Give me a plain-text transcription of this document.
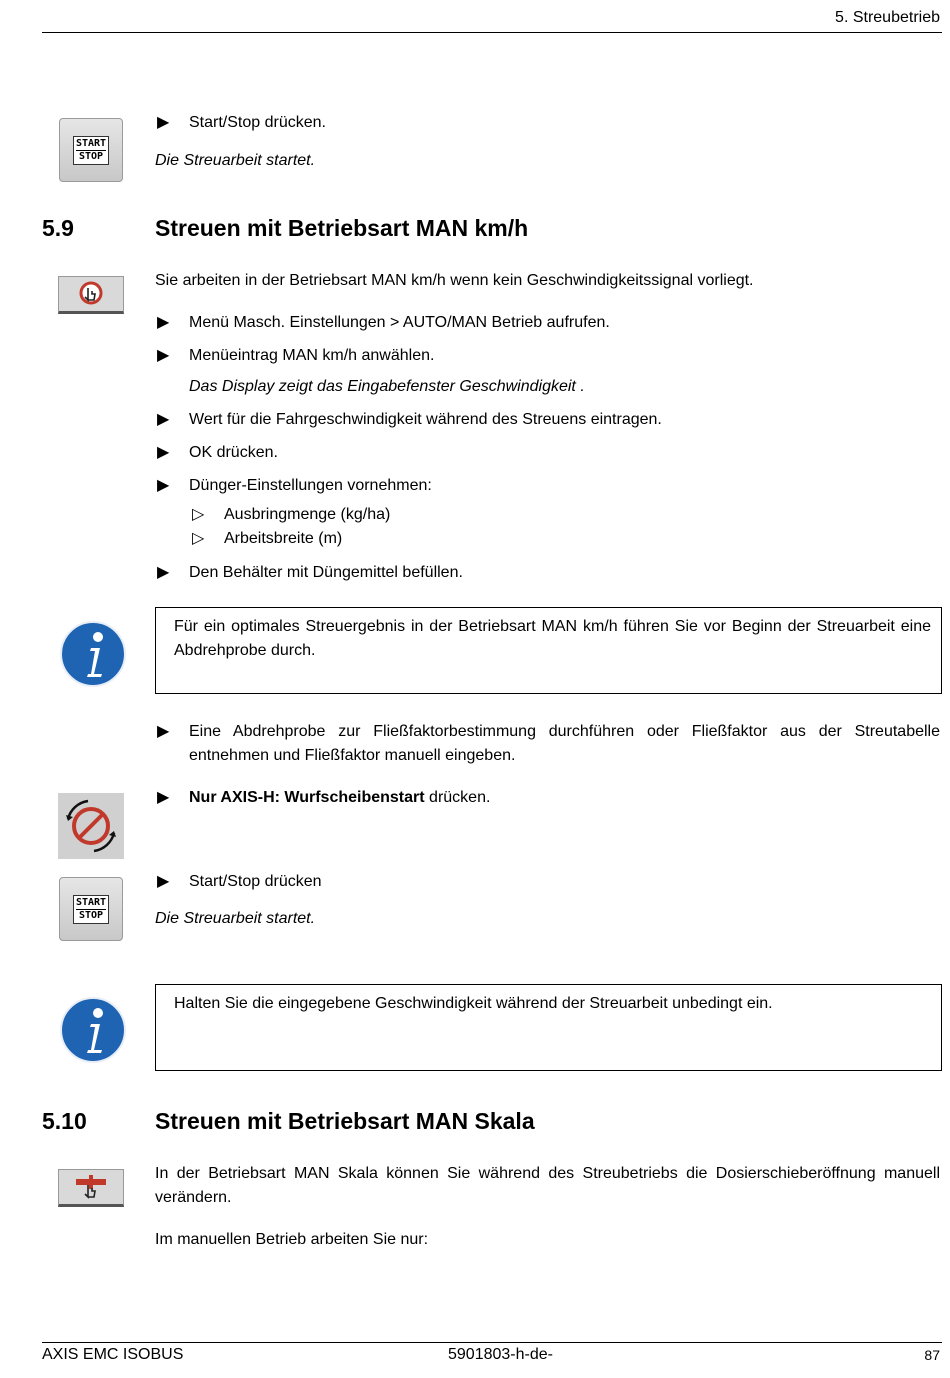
5. Streubetrieb
START
STOP
▶ Start/Stop drücken.
Die Streuarbeit startet.
5.9	Streuen mit Betriebsart MAN km/h
Sie arbeiten in der Betriebsart MAN km/h wenn kein Geschwindigkeitssignal vorliegt.
▶ Menü Masch. Einstellungen > AUTO/MAN Betrieb aufrufen.
▶ Menüeintrag MAN km/h anwählen.
Das Display zeigt das Eingabefenster Geschwindigkeit .
▶ Wert für die Fahrgeschwindigkeit während des Streuens eintragen.
▶ OK drücken.
▶ Dünger-Einstellungen vornehmen:
▷ Ausbringmenge (kg/ha)
▷ Arbeitsbreite (m)
▶ Den Behälter mit Düngemittel befüllen.
Für ein optimales Streuergebnis in der Betriebsart MAN km/h führen Sie vor Beginn der Streuarbeit eine Abdrehprobe durch.
▶ Eine Abdrehprobe zur Fließfaktorbestimmung durchführen oder Fließfaktor aus der Streutabelle entnehmen und Fließfaktor manuell eingeben.
▶ Nur AXIS-H: Wurfscheibenstart drücken.
START
STOP
▶ Start/Stop drücken
Die Streuarbeit startet.
Halten Sie die eingegebene Geschwindigkeit während der Streuarbeit unbedingt ein.
5.10	Streuen mit Betriebsart MAN Skala
In der Betriebsart MAN Skala können Sie während des Streubetriebs die Dosierschieberöffnung manuell verändern.
Im manuellen Betrieb arbeiten Sie nur:
AXIS EMC ISOBUS	5901803-h-de-	87
